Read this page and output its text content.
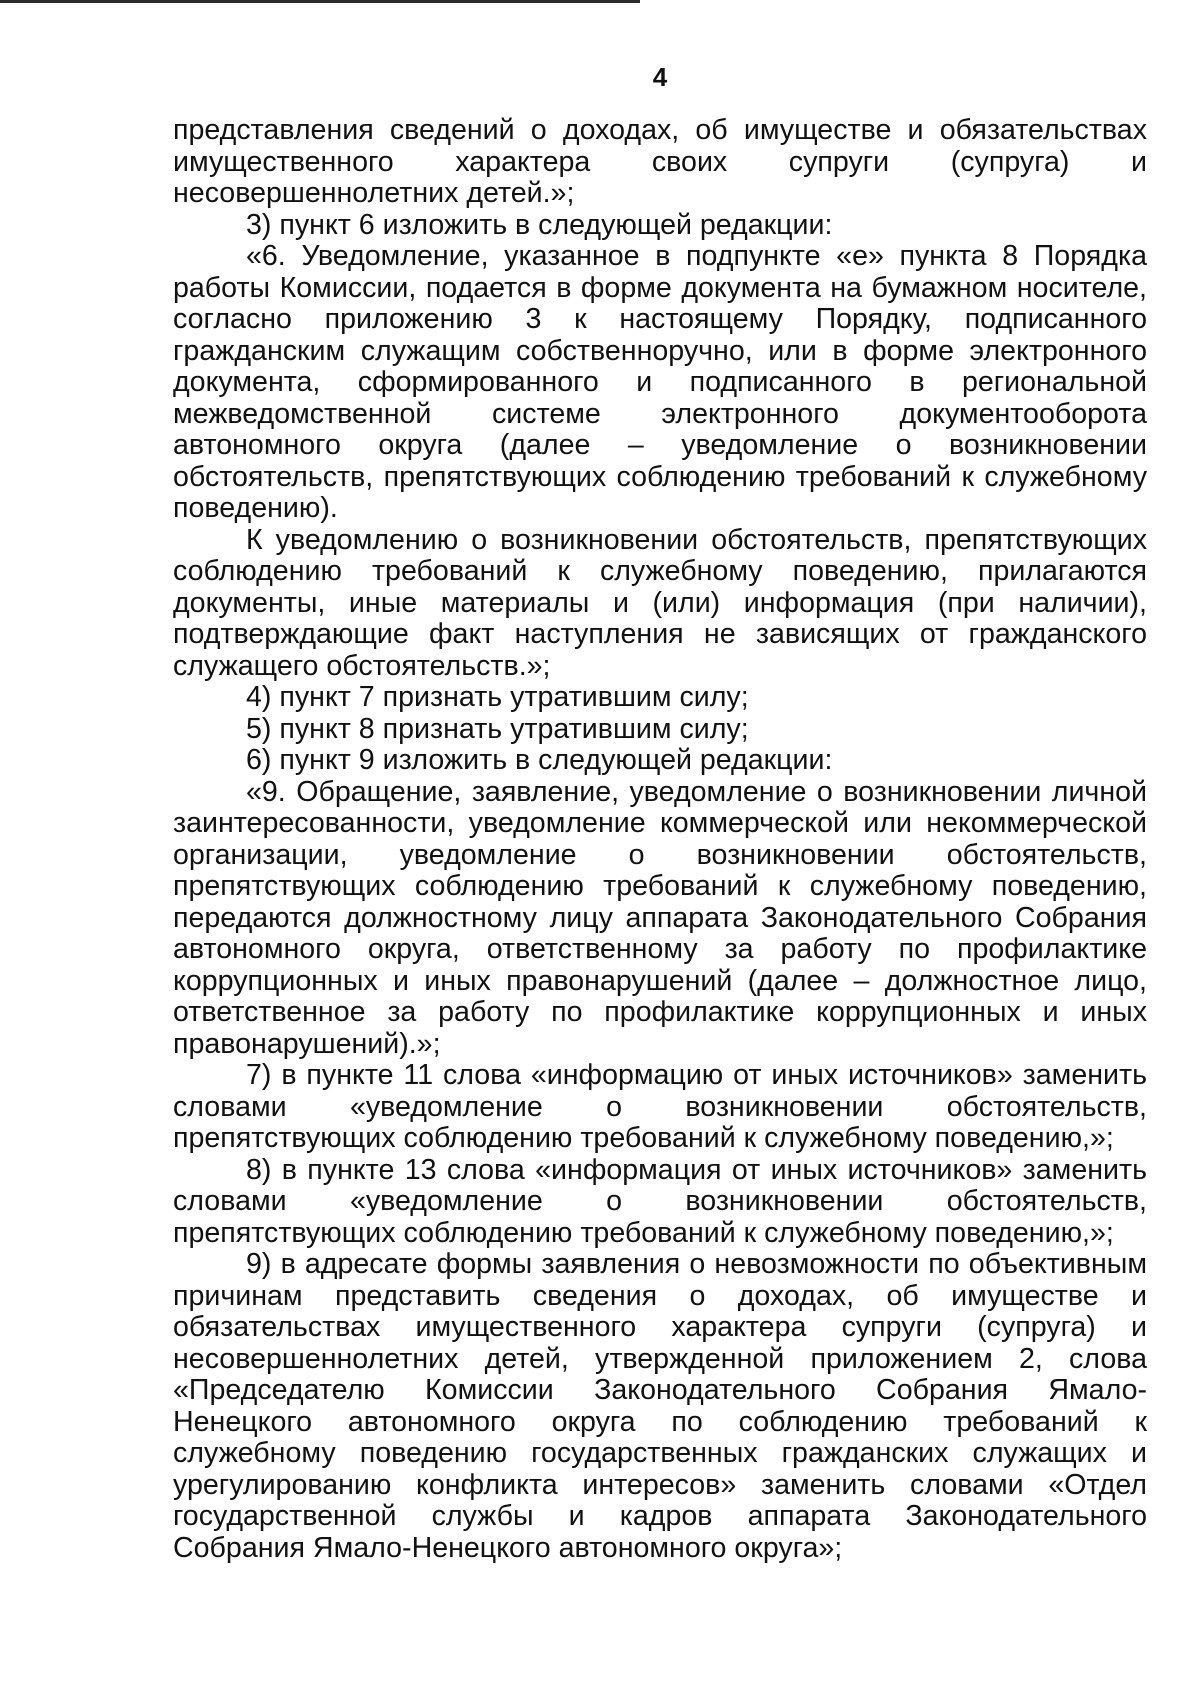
4

представления сведений о доходах, об имуществе и обязательствах имущественного характера своих супруги (супруга) и несовершеннолетних детей.»;

3) пункт 6 изложить в следующей редакции:

«6. Уведомление, указанное в подпункте «е» пункта 8 Порядка работы Комиссии, подается в форме документа на бумажном носителе, согласно приложению 3 к настоящему Порядку, подписанного гражданским служащим собственноручно, или в форме электронного документа, сформированного и подписанного в региональной межведомственной системе электронного документооборота автономного округа (далее – уведомление о возникновении обстоятельств, препятствующих соблюдению требований к служебному поведению).

К уведомлению о возникновении обстоятельств, препятствующих соблюдению требований к служебному поведению, прилагаются документы, иные материалы и (или) информация (при наличии), подтверждающие факт наступления не зависящих от гражданского служащего обстоятельств.»;

4) пункт 7 признать утратившим силу;

5) пункт 8 признать утратившим силу;

6) пункт 9 изложить в следующей редакции:

«9. Обращение, заявление, уведомление о возникновении личной заинтересованности, уведомление коммерческой или некоммерческой организации, уведомление о возникновении обстоятельств, препятствующих соблюдению требований к служебному поведению, передаются должностному лицу аппарата Законодательного Собрания автономного округа, ответственному за работу по профилактике коррупционных и иных правонарушений (далее – должностное лицо, ответственное за работу по профилактике коррупционных и иных правонарушений).»;

7) в пункте 11 слова «информацию от иных источников» заменить словами «уведомление о возникновении обстоятельств, препятствующих соблюдению требований к служебному поведению,»;

8) в пункте 13 слова «информация от иных источников» заменить словами «уведомление о возникновении обстоятельств, препятствующих соблюдению требований к служебному поведению,»;

9) в адресате формы заявления о невозможности по объективным причинам представить сведения о доходах, об имуществе и обязательствах имущественного характера супруги (супруга) и несовершеннолетних детей, утвержденной приложением 2, слова «Председателю Комиссии Законодательного Собрания Ямало-Ненецкого автономного округа по соблюдению требований к служебному поведению государственных гражданских служащих и урегулированию конфликта интересов» заменить словами «Отдел государственной службы и кадров аппарата Законодательного Собрания Ямало-Ненецкого автономного округа»;
